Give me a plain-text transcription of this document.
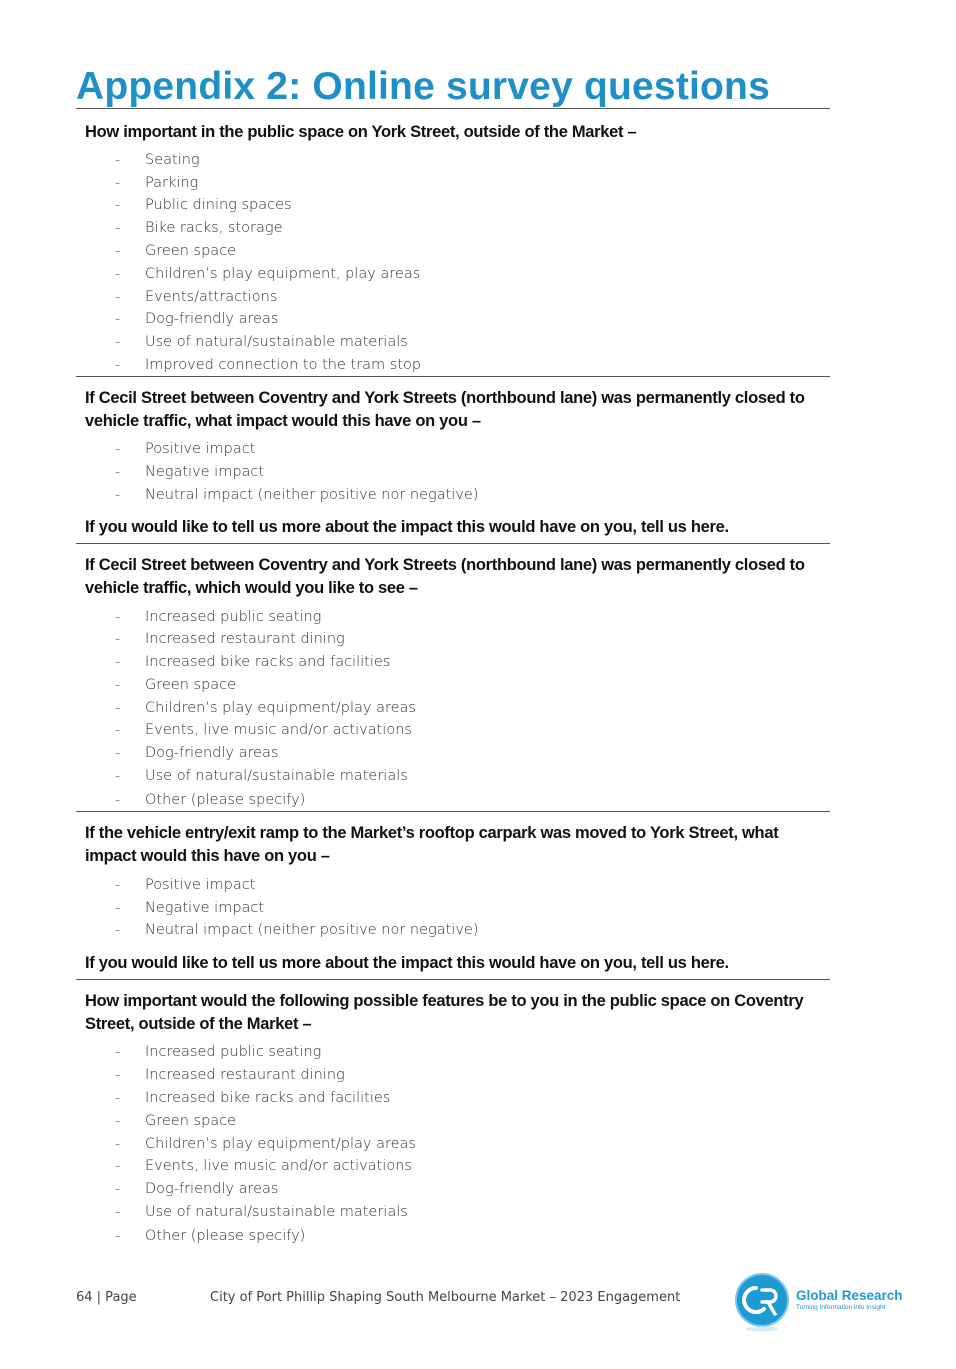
Appendix 2: Online survey questions

How important in the public space on York Street, outside of the Market –

- Seating
- Parking
- Public dining spaces
- Bike racks, storage
- Green space
- Children’s play equipment, play areas
- Events/attractions
- Dog-friendly areas
- Use of natural/sustainable materials
- Improved connection to the tram stop

If Cecil Street between Coventry and York Streets (northbound lane) was permanently closed to vehicle traffic, what impact would this have on you –

- Positive impact
- Negative impact
- Neutral impact (neither positive nor negative)

If you would like to tell us more about the impact this would have on you, tell us here.

If Cecil Street between Coventry and York Streets (northbound lane) was permanently closed to vehicle traffic, which would you like to see –

- Increased public seating
- Increased restaurant dining
- Increased bike racks and facilities
- Green space
- Children’s play equipment/play areas
- Events, live music and/or activations
- Dog-friendly areas
- Use of natural/sustainable materials
- Other (please specify)

If the vehicle entry/exit ramp to the Market’s rooftop carpark was moved to York Street, what impact would this have on you –

- Positive impact
- Negative impact
- Neutral impact (neither positive nor negative)

If you would like to tell us more about the impact this would have on you, tell us here.

How important would the following possible features be to you in the public space on Coventry Street, outside of the Market –

- Increased public seating
- Increased restaurant dining
- Increased bike racks and facilities
- Green space
- Children’s play equipment/play areas
- Events, live music and/or activations
- Dog-friendly areas
- Use of natural/sustainable materials
- Other (please specify)
64 | Page	City of Port Phillip Shaping South Melbourne Market – 2023 Engagement	Global Research
Turning Information into Insight
